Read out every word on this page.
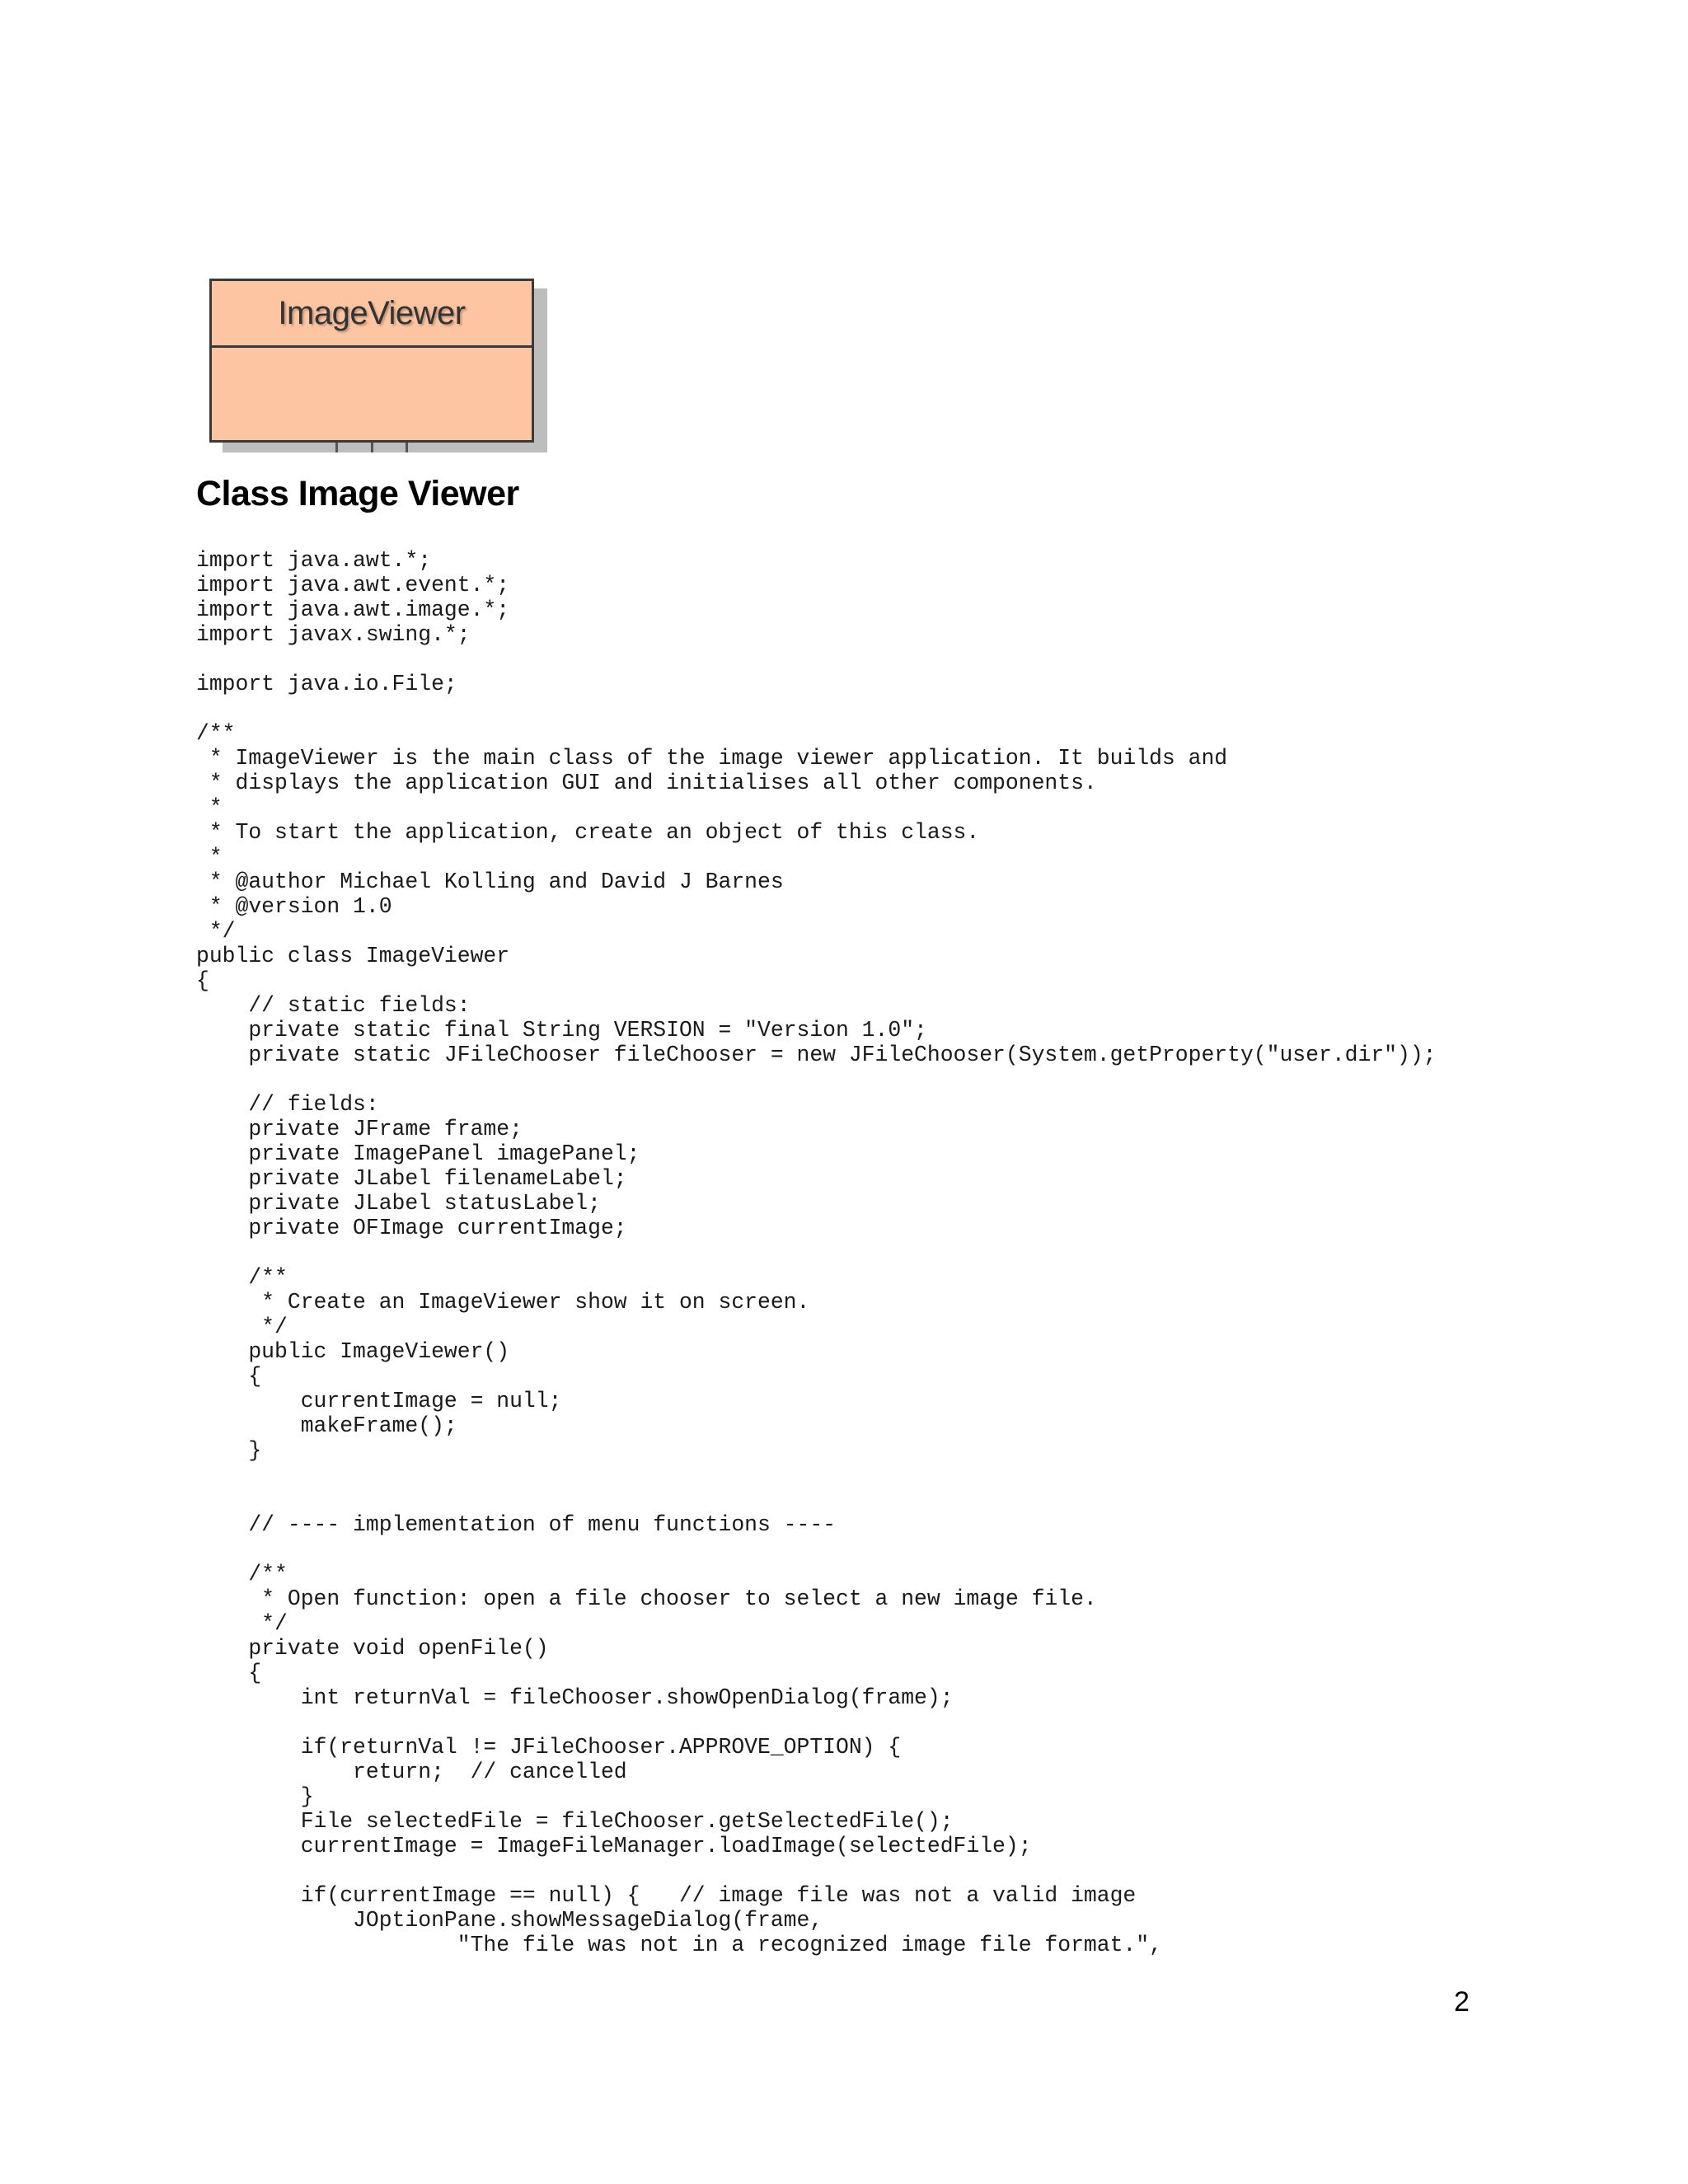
ImageViewer
Class Image Viewer
import java.awt.*;
import java.awt.event.*;
import java.awt.image.*;
import javax.swing.*;
import java.io.File;
/**
* ImageViewer is the main class of the image viewer application. It builds and
* displays the application GUI and initialises all other components.
*
* To start the application, create an object of this class.
*
* @author Michael Kolling and David J Barnes
* @version 1.0
*/
public class ImageViewer
{
// static fields:
private static final String VERSION = "Version 1.0";
private static JFileChooser fileChooser = new JFileChooser(System.getProperty("user.dir"));
// fields:
private JFrame frame;
private ImagePanel imagePanel;
private JLabel filenameLabel;
private JLabel statusLabel;
private OFImage currentImage;
/**
* Create an ImageViewer show it on screen.
*/
public ImageViewer()
{
currentImage = null;
makeFrame();
}
// ---- implementation of menu functions ----
/**
* Open function: open a file chooser to select a new image file.
*/
private void openFile()
{
int returnVal = fileChooser.showOpenDialog(frame);
if(returnVal != JFileChooser.APPROVE_OPTION) {
return;  // cancelled
}
File selectedFile = fileChooser.getSelectedFile();
currentImage = ImageFileManager.loadImage(selectedFile);
if(currentImage == null) {   // image file was not a valid image
JOptionPane.showMessageDialog(frame,
"The file was not in a recognized image file format.",
2
